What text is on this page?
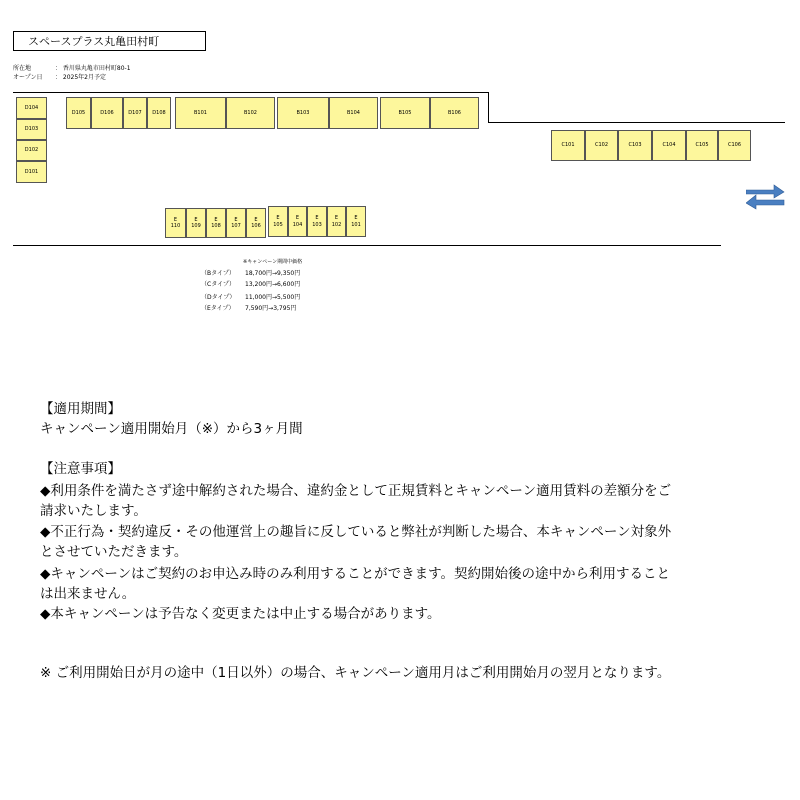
スペースプラス丸亀田村町
所在地	： 香川県丸亀市田村町80-1
オープン日 ： 2025年2月予定
D104
D103
D102
D101
D105	D106	D107	D108	B101	B102	B103	B104	B105	B106
C101	C102	C103	C104	C105	C106
E
110
E
109
E
108
E
107
E
106
E
105
E
104
E
103
E
102
E
101
※キャンペーン期間中価格
（Bタイプ） 18,700円→9,350円
（Cタイプ） 13,200円→6,600円
（Dタイプ） 11,000円→5,500円
（Eタイプ） 7,590円→3,795円
【適用期間】
キャンペーン適用開始月（※）から3ヶ月間
【注意事項】
◆利用条件を満たさず途中解約された場合、違約金として正規賃料とキャンペーン適用賃料の差額分をご
請求いたします。
◆不正行為・契約違反・その他運営上の趣旨に反していると弊社が判断した場合、本キャンペーン対象外
とさせていただきます。
◆キャンペーンはご契約のお申込み時のみ利用することができます。契約開始後の途中から利用すること
は出来ません。
◆本キャンペーンは予告なく変更または中止する場合があります。
※ ご利用開始日が月の途中（1日以外）の場合、キャンペーン適用月はご利用開始月の翌月となります。
